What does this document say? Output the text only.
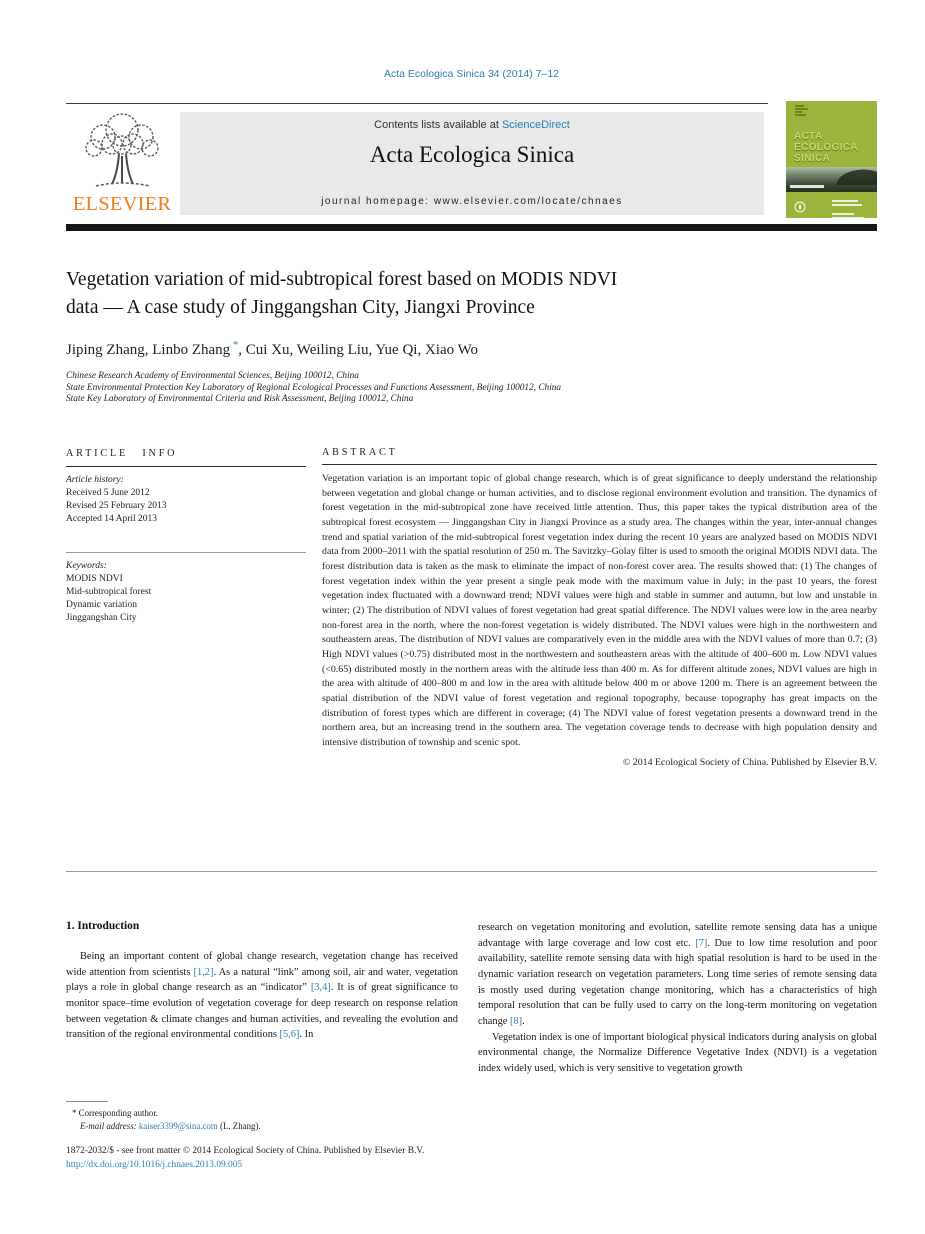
Acta Ecologica Sinica 34 (2014) 7–12
ELSEVIER
Contents lists available at ScienceDirect
Acta Ecologica Sinica
journal homepage: www.elsevier.com/locate/chnaes
ACTA
ECOLOGICA
SINICA
Vegetation variation of mid-subtropical forest based on MODIS NDVI
data — A case study of Jinggangshan City, Jiangxi Province
Jiping Zhang, Linbo Zhang *, Cui Xu, Weiling Liu, Yue Qi, Xiao Wo
Chinese Research Academy of Environmental Sciences, Beijing 100012, China
State Environmental Protection Key Laboratory of Regional Ecological Processes and Functions Assessment, Beijing 100012, China
State Key Laboratory of Environmental Criteria and Risk Assessment, Beijing 100012, China
ARTICLE INFO
Article history:
Received 5 June 2012
Revised 25 February 2013
Accepted 14 April 2013
Keywords:
MODIS NDVI
Mid-subtropical forest
Dynamic variation
Jinggangshan City
ABSTRACT
Vegetation variation is an important topic of global change research, which is of great significance to deeply understand the relationship between vegetation and global change or human activities, and to disclose regional environment evolution and transition. The dynamics of forest vegetation in the mid-subtropical zone have received little attention. Thus, this paper takes the typical distribution area of the subtropical forest ecosystem — Jinggangshan City in Jiangxi Province as a study area. The changes within the year, inter-annual changes trend and spatial variation of the mid-subtropical forest vegetation index during the recent 10 years are analyzed based on MODIS NDVI data from 2000–2011 with the spatial resolution of 250 m. The Savitzky–Golay filter is used to smooth the original MODIS NDVI data. The forest distribution data is taken as the mask to eliminate the impact of non-forest cover area. The results showed that: (1) The changes of forest vegetation index within the year present a single peak mode with the maximum value in July; in the past 10 years, the forest vegetation index fluctuated with a downward trend; NDVI values were high and stable in summer and autumn, but low and unstable in winter; (2) The distribution of NDVI values of forest vegetation had great spatial difference. The NDVI values were low in the area nearby non-forest area in the north, where the non-forest vegetation is widely distributed. The NDVI values were high in the northwestern and southeastern areas. The distribution of NDVI values are comparatively even in the middle area with the NDVI values of more than 0.7; (3) High NDVI values (>0.75) distributed most in the northwestern and southeastern areas with the altitude of 400–600 m. Low NDVI values (<0.65) distributed mostly in the northern areas with the altitude less than 400 m. As for different altitude zones, NDVI values are high in the area with altitude of 400–800 m and low in the area with altitude below 400 m or above 1200 m. There is an agreement between the spatial distribution of the NDVI value of forest vegetation and regional topography, because topography has great impacts on the distribution of forest types which are different in coverage; (4) The NDVI value of forest vegetation presents a downward trend in the northern area, but an increasing trend in the southern area. The vegetation coverage tends to decrease with high population density and intensive distribution of township and scenic spot.
© 2014 Ecological Society of China. Published by Elsevier B.V.
1. Introduction

Being an important content of global change research, vegetation change has received wide attention from scientists [1,2]. As a natural “link” among soil, air and water, vegetation plays a role in global change research as an “indicator” [3,4]. It is of great significance to monitor space–time evolution of vegetation coverage for deep research on response relation between vegetation & climate changes and human activities, and revealing the evolution and transition of the regional environmental conditions [5,6]. In

research on vegetation monitoring and evolution, satellite remote sensing data has a unique advantage with large coverage and low cost etc. [7]. Due to low time resolution and poor availability, satellite remote sensing data with high spatial resolution is hard to be used in the dynamic variation research on vegetation parameters. Long time series of remote sensing data is mostly used during vegetation change monitoring, which has a characteristics of high temporal resolution that can be fully used to carry on the long-term monitoring on vegetation change [8].

Vegetation index is one of important biological physical indicators during analysis on global environmental change, the Normalize Difference Vegetative Index (NDVI) is a vegetation index widely used, which is very sensitive to vegetation growth

* Corresponding author.
E-mail address: kaiser3399@sina.com (L. Zhang).
1872-2032/$ - see front matter © 2014 Ecological Society of China. Published by Elsevier B.V.
http://dx.doi.org/10.1016/j.chnaes.2013.09.005
